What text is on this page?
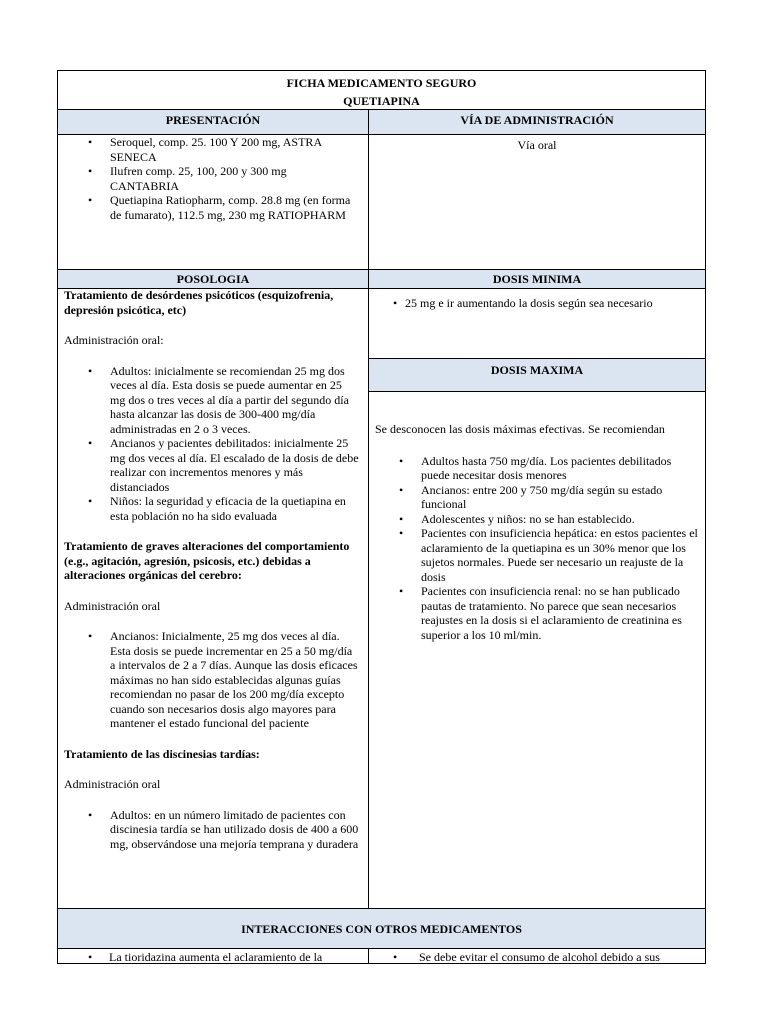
FICHA MEDICAMENTO SEGURO
QUETIAPINA
PRESENTACIÓN	VÍA DE ADMINISTRACIÓN
POSOLOGIA	DOSIS MINIMA
DOSIS MAXIMA
INTERACCIONES CON OTROS MEDICAMENTOS
• Seroquel, comp. 25. 100 Y 200 mg, ASTRA SENECA
• Ilufren comp. 25, 100, 200 y 300 mg CANTABRIA
• Quetiapina Ratiopharm, comp. 28.8 mg (en forma de fumarato), 112.5 mg, 230 mg RATIOPHARM
Vía oral

Tratamiento de desórdenes psicóticos (esquizofrenia, depresión psicótica, etc)

Administración oral:

• Adultos: inicialmente se recomiendan 25 mg dos veces al día. Esta dosis se puede aumentar en 25 mg dos o tres veces al día a partir del segundo día hasta alcanzar las dosis de 300-400 mg/día administradas en 2 o 3 veces.
• Ancianos y pacientes debilitados: inicialmente 25 mg dos veces al día. El escalado de la dosis de debe realizar con incrementos menores y más distanciados
• Niños: la seguridad y eficacia de la quetiapina en esta población no ha sido evaluada

Tratamiento de graves alteraciones del comportamiento (e.g., agitación, agresión, psicosis, etc.) debidas a alteraciones orgánicas del cerebro:

Administración oral

• Ancianos: Inicialmente, 25 mg dos veces al día. Esta dosis se puede incrementar en 25 a 50 mg/día a intervalos de 2 a 7 días. Aunque las dosis eficaces máximas no han sido establecidas algunas guías recomiendan no pasar de los 200 mg/día excepto cuando son necesarios dosis algo mayores para mantener el estado funcional del paciente

Tratamiento de las discinesias tardías:

Administración oral

• Adultos: en un número limitado de pacientes con discinesia tardía se han utilizado dosis de 400 a 600 mg, observándose una mejoría temprana y duradera
• 25 mg e ir aumentando la dosis según sea necesario

Se desconocen las dosis máximas efectivas. Se recomiendan

• Adultos hasta 750 mg/día. Los pacientes debilitados puede necesitar dosis menores
• Ancianos: entre 200 y 750 mg/día según su estado funcional
• Adolescentes y niños: no se han establecido.
• Pacientes con insuficiencia hepática: en estos pacientes el aclaramiento de la quetiapina es un 30% menor que los sujetos normales. Puede ser necesario un reajuste de la dosis
• Pacientes con insuficiencia renal: no se han publicado pautas de tratamiento. No parece que sean necesarios reajustes en la dosis si el aclaramiento de creatinina es superior a los 10 ml/min.
• La tioridazina aumenta el aclaramiento de la
•	Se debe evitar el consumo de alcohol debido a sus
